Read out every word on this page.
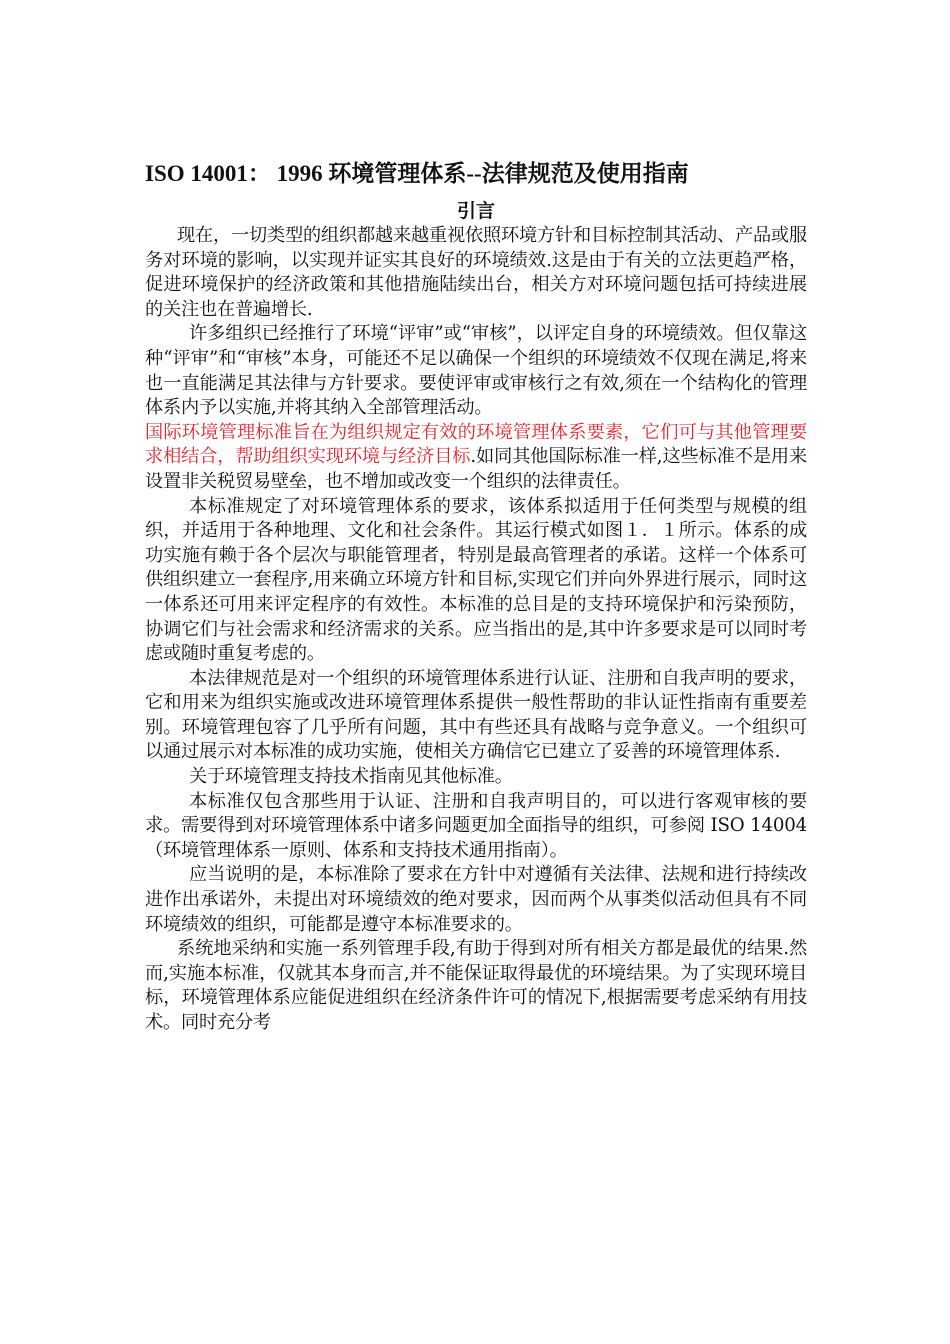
ISO 14001： 1996 环境管理体系--法律规范及使用指南
引言

现在，一切类型的组织都越来越重视依照环境方针和目标控制其活动、产品或服务对环境的影响，以实现并证实其良好的环境绩效.这是由于有关的立法更趋严格，促进环境保护的经济政策和其他措施陆续出台，相关方对环境问题包括可持续进展的关注也在普遍增长.

许多组织已经推行了环境“评审”或“审核”，以评定自身的环境绩效。但仅靠这种“评审”和“审核”本身，可能还不足以确保一个组织的环境绩效不仅现在满足,将来也一直能满足其法律与方针要求。要使评审或审核行之有效,须在一个结构化的管理体系内予以实施,并将其纳入全部管理活动。

国际环境管理标准旨在为组织规定有效的环境管理体系要素，它们可与其他管理要求相结合，帮助组织实现环境与经济目标.如同其他国际标准一样,这些标准不是用来设置非关税贸易壁垒，也不增加或改变一个组织的法律责任。

本标准规定了对环境管理体系的要求，该体系拟适用于任何类型与规模的组织，并适用于各种地理、文化和社会条件。其运行模式如图１．１所示。体系的成功实施有赖于各个层次与职能管理者，特别是最高管理者的承诺。这样一个体系可供组织建立一套程序,用来确立环境方针和目标,实现它们并向外界进行展示，同时这一体系还可用来评定程序的有效性。本标准的总目是的支持环境保护和污染预防，协调它们与社会需求和经济需求的关系。应当指出的是,其中许多要求是可以同时考虑或随时重复考虑的。

本法律规范是对一个组织的环境管理体系进行认证、注册和自我声明的要求，它和用来为组织实施或改进环境管理体系提供一般性帮助的非认证性指南有重要差别。环境管理包容了几乎所有问题，其中有些还具有战略与竞争意义。一个组织可以通过展示对本标准的成功实施，使相关方确信它已建立了妥善的环境管理体系.

关于环境管理支持技术指南见其他标准。

本标准仅包含那些用于认证、注册和自我声明目的，可以进行客观审核的要求。需要得到对环境管理体系中诸多问题更加全面指导的组织，可参阅 ISO 14004（环境管理体系一原则、体系和支持技术通用指南）。

应当说明的是，本标准除了要求在方针中对遵循有关法律、法规和进行持续改进作出承诺外，未提出对环境绩效的绝对要求，因而两个从事类似活动但具有不同环境绩效的组织，可能都是遵守本标准要求的。

系统地采纳和实施一系列管理手段,有助于得到对所有相关方都是最优的结果.然而,实施本标准，仅就其本身而言,并不能保证取得最优的环境结果。为了实现环境目标，环境管理体系应能促进组织在经济条件许可的情况下,根据需要考虑采纳有用技术。同时充分考
